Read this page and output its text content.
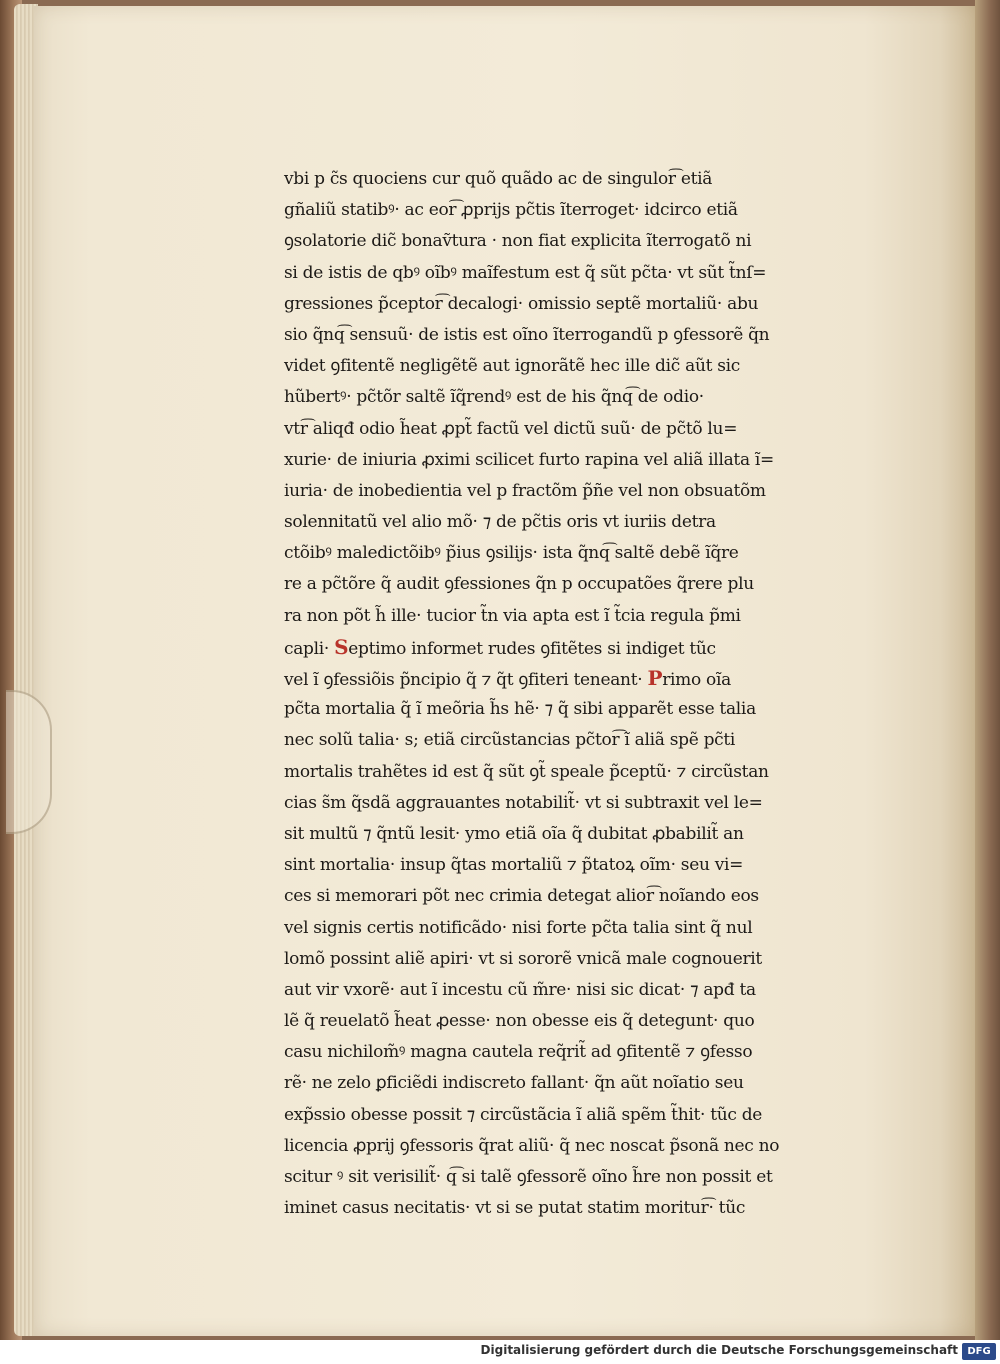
vbi p c̃s quociens cur quõ quãdo ac de singulor͡ etiã
gñaliũ statibꝰ· ac eor͡ ꝓprijs pc̃tis ĩterroget· idcirco etiã
ꝯsolatorie dic̃ bonaṽtura · non fiat explicita ĩterrogatõ ni
si de istis de qbꝰ oĩbꝰ maĩfestum est q̃ sũt pc̃ta· vt sũt t̃nſ=
gressiones p̃ceptor͡ decalogi· omissio septẽ mortaliũ· abu
sio q̃nq͡ sensuũ· de istis est oĩno ĩterrogandũ p ꝯfessorẽ q̃n
videt ꝯfitentẽ negligẽtẽ aut ignorãtẽ hec ille dic̃ aũt sic
hũbertꝰ· pc̃tõr saltẽ ĩq̃rendꝰ est de his q̃nq͡ de odio·
vtr͡ aliqđ odio h̃eat ꝓpt̃ factũ vel dictũ suũ· de pc̃tõ lu=
xurie· de iniuria ꝓximi scilicet furto rapina vel aliã illata ĩ=
iuria· de inobedientia vel p fractõm p̃ñe vel non obsuatõm
solennitatũ vel alio mõ· ⁊ de pc̃tis oris vt iuriis detra
ctõibꝰ maledictõibꝰ p̃ius ꝯsilijs· ista q̃nq͡ saltẽ debẽ ĩq̃re
re a pc̃tõre q̃ audit ꝯfessiones q̃n p occupatões q̃rere plu
ra non põt h̃ ille· tucior t̃n via apta est ĩ t̃cia regula p̃mi
capli· Septimo informet rudes ꝯfitẽtes si indiget tũc
vel ĩ ꝯfessiõis p̃ncipio q̃ ⁊ q̃t ꝯfiteri teneant· Primo oĩa
pc̃ta mortalia q̃ ĩ meõria h̃s hẽ· ⁊ q̃ sibi apparẽt esse talia
nec solũ talia· s; etiã circũstancias pc̃tor͡ ĩ aliã spẽ pc̃ti
mortalis trahẽtes id est q̃ sũt ꝯt̃ speale p̃ceptũ· ⁊ circũstan
cias s̃m q̃sdã aggrauantes notabilit̃· vt si subtraxit vel le=
sit multũ ⁊ q̃ntũ lesit· ymo etiã oĩa q̃ dubitat ꝓbabilit̃ an
sint mortalia· insup q̃tas mortaliũ ⁊ p̃tatoꝝ oĩm· seu vi=
ces si memorari põt nec crimia detegat alior͡ noĩando eos
vel signis certis notificãdo· nisi forte pc̃ta talia sint q̃ nul
lomõ possint aliẽ apiri· vt si sororẽ vnicã male cognouerit
aut vir vxorẽ· aut ĩ incestu cũ m̃re· nisi sic dicat· ⁊ apđ ta
lẽ q̃ reuelatõ h̃eat ꝓesse· non obesse eis q̃ detegunt· quo
casu nichilom̃ꝰ magna cautela req̃rit̃ ad ꝯfitentẽ ⁊ ꝯfesso
rẽ· ne zelo ꝑficiẽdi indiscreto fallant· q̃n aũt noĩatio seu
exp̃ssio obesse possit ⁊ circũstãcia ĩ aliã spẽm t̃hit· tũc de
licencia ꝓprij ꝯfessoris q̃rat aliũ· q̃ nec noscat p̃sonã nec no
scitur ꝰ sit verisilit̃· q͡ si talẽ ꝯfessorẽ oĩno h̃re non possit et
iminet casus necitatis· vt si se putat statim moritur͡· tũc
Digitalisierung gefördert durch die Deutsche Forschungsgemeinschaft DFG
